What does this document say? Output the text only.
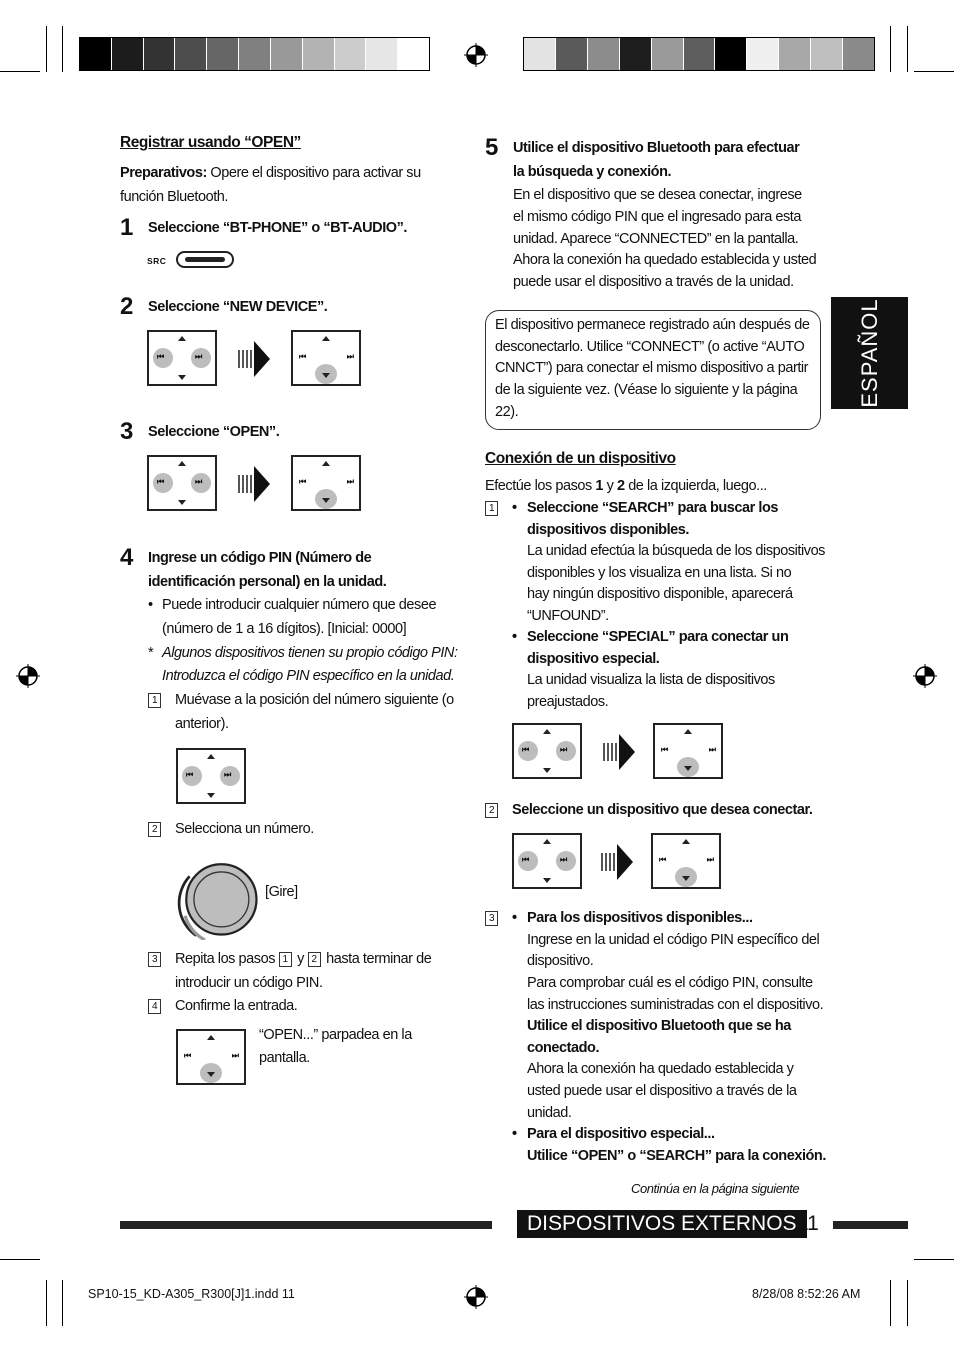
Registrar usando “OPEN”
Preparativos: Opere el dispositivo para activar su
función Bluetooth.
1 Seleccione “BT-PHONE” o “BT-AUDIO”.
SRC
2 Seleccione “NEW DEVICE”.
⏮	⏭	⏮	⏭
3 Seleccione “OPEN”.
⏮	⏭	⏮	⏭
4 Ingrese un código PIN (Número de
identificación personal) en la unidad.
• Puede introducir cualquier número que desee
(número de 1 a 16 dígitos). [Inicial: 0000]
* Algunos dispositivos tienen su propio código PIN:
Introduzca el código PIN específico en la unidad.
1	Muévase a la posición del número siguiente (o
anterior).
⏮	⏭
2	Selecciona un número.
[Gire]
3	Repita los pasos 1 y 2 hasta terminar de
introducir un código PIN.
4	Confirme la entrada.
⏮	⏭
“OPEN...” parpadea en la
pantalla.
5 Utilice el dispositivo Bluetooth para efectuar
la búsqueda y conexión.
En el dispositivo que se desea conectar, ingrese
el mismo código PIN que el ingresado para esta
unidad. Aparece “CONNECTED” en la pantalla.
Ahora la conexión ha quedado establecida y usted
puede usar el dispositivo a través de la unidad.
El dispositivo permanece registrado aún después de
desconectarlo. Utilice “CONNECT” (o active “AUTO
CNNCT”) para conectar el mismo dispositivo a partir
de la siguiente vez. (Véase lo siguiente y la página
22).
ESPAÑOL
Conexión de un dispositivo
Efectúe los pasos 1 y 2 de la izquierda, luego...
1	• Seleccione “SEARCH” para buscar los
dispositivos disponibles.
La unidad efectúa la búsqueda de los dispositivos
disponibles y los visualiza en una lista. Si no
hay ningún dispositivo disponible, aparecerá
“UNFOUND”.
• Seleccione “SPECIAL” para conectar un
dispositivo especial.
La unidad visualiza la lista de dispositivos
preajustados.
⏮	⏭	⏮	⏭
2	Seleccione un dispositivo que desea conectar.
⏮	⏭	⏮	⏭
3	• Para los dispositivos disponibles...
Ingrese en la unidad el código PIN específico del
dispositivo.
Para comprobar cuál es el código PIN, consulte
las instrucciones suministradas con el dispositivo.
Utilice el dispositivo Bluetooth que se ha
conectado.
Ahora la conexión ha quedado establecida y
usted puede usar el dispositivo a través de la
unidad.
• Para el dispositivo especial...
Utilice “OPEN” o “SEARCH” para la conexión.
Continúa en la página siguiente
DISPOSITIVOS EXTERNOS 11
SP10-15_KD-A305_R300[J]1.indd 11	8/28/08 8:52:26 AM
